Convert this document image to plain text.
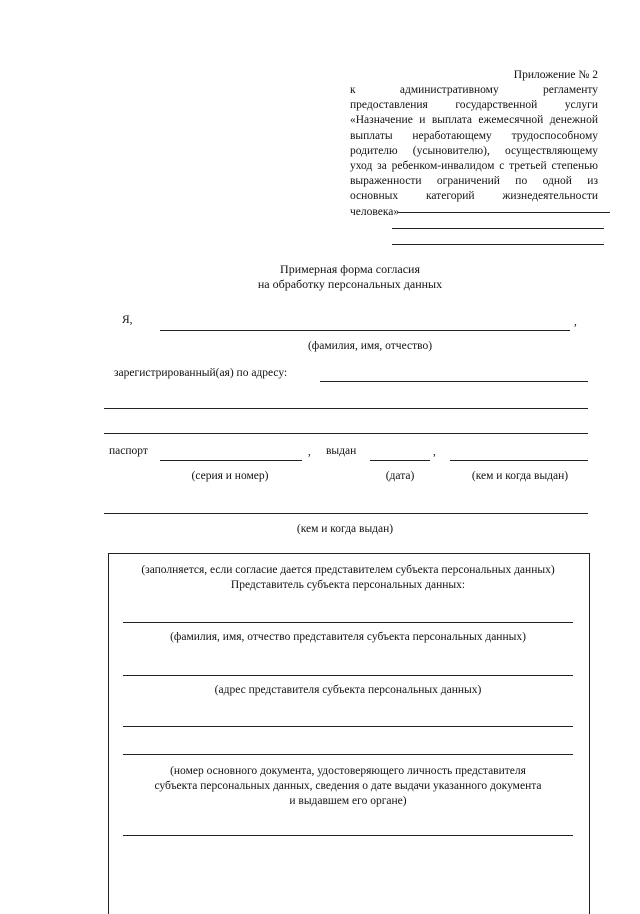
Приложение № 2
к административному регламенту
предоставления государственной услуги
«Назначение и выплата ежемесячной денежной
выплаты неработающему трудоспособному
родителю (усыновителю), осуществляющему
уход за ребенком-инвалидом с третьей степенью
выраженности ограничений по одной из
основных категорий жизнедеятельности
человека»
Примерная форма согласия
на обработку персональных данных
Я,	,
(фамилия, имя, отчество)
зарегистрированный(ая) по адресу:
паспорт	, выдан	,
(серия и номер)	(дата)	(кем и когда выдан)
(кем и когда выдан)
(заполняется, если согласие дается представителем субъекта персональных данных)
Представитель субъекта персональных данных:
(фамилия, имя, отчество представителя субъекта персональных данных)
(адрес представителя субъекта персональных данных)
(номер основного документа, удостоверяющего личность представителя
субъекта персональных данных, сведения о дате выдачи указанного документа
и выдавшем его органе)
